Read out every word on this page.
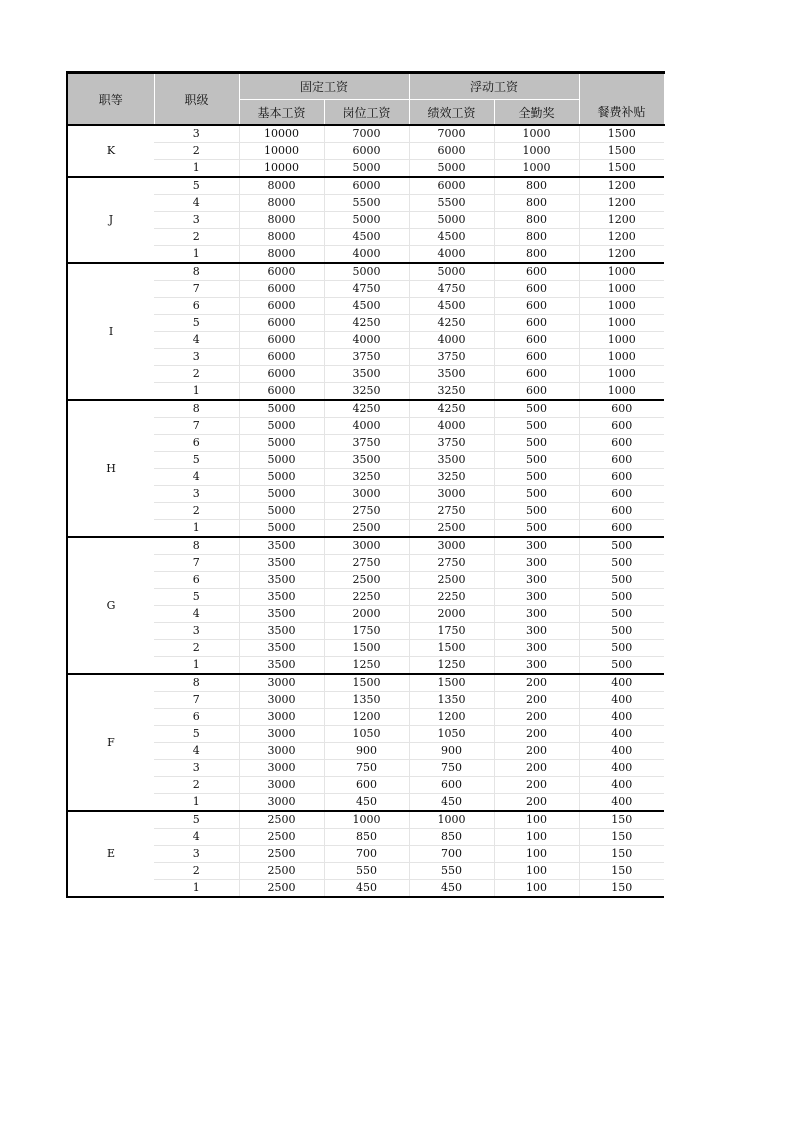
职等	职级	固定工资		浮动工资		
		基本工资	岗位工资	绩效工资	全勤奖	餐费补贴
K	3	10000	7000	7000	1000	1500
	2	10000	6000	6000	1000	1500
	1	10000	5000	5000	1000	1500
J	5	8000	6000	6000	800	1200
	4	8000	5500	5500	800	1200
	3	8000	5000	5000	800	1200
	2	8000	4500	4500	800	1200
	1	8000	4000	4000	800	1200
I	8	6000	5000	5000	600	1000
	7	6000	4750	4750	600	1000
	6	6000	4500	4500	600	1000
	5	6000	4250	4250	600	1000
	4	6000	4000	4000	600	1000
	3	6000	3750	3750	600	1000
	2	6000	3500	3500	600	1000
	1	6000	3250	3250	600	1000
H	8	5000	4250	4250	500	600
	7	5000	4000	4000	500	600
	6	5000	3750	3750	500	600
	5	5000	3500	3500	500	600
	4	5000	3250	3250	500	600
	3	5000	3000	3000	500	600
	2	5000	2750	2750	500	600
	1	5000	2500	2500	500	600
G	8	3500	3000	3000	300	500
	7	3500	2750	2750	300	500
	6	3500	2500	2500	300	500
	5	3500	2250	2250	300	500
	4	3500	2000	2000	300	500
	3	3500	1750	1750	300	500
	2	3500	1500	1500	300	500
	1	3500	1250	1250	300	500
F	8	3000	1500	1500	200	400
	7	3000	1350	1350	200	400
	6	3000	1200	1200	200	400
	5	3000	1050	1050	200	400
	4	3000	900	900	200	400
	3	3000	750	750	200	400
	2	3000	600	600	200	400
	1	3000	450	450	200	400
E	5	2500	1000	1000	100	150
	4	2500	850	850	100	150
	3	2500	700	700	100	150
	2	2500	550	550	100	150
	1	2500	450	450	100	150
